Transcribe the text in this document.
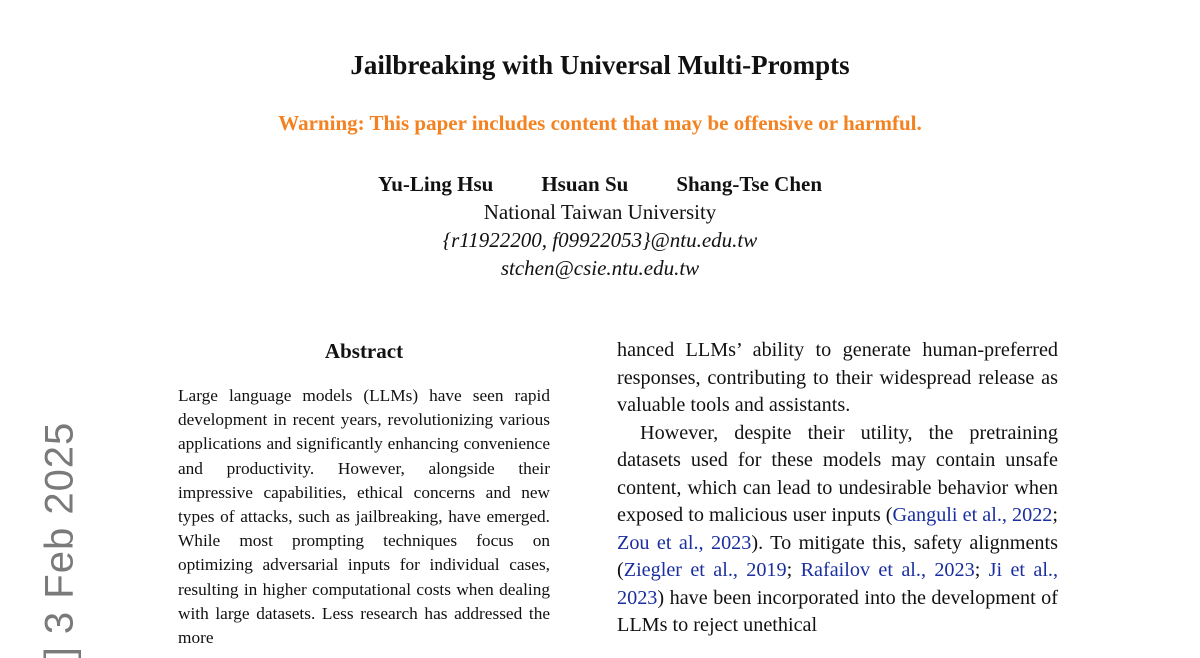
Jailbreaking with Universal Multi-Prompts
Warning: This paper includes content that may be offensive or harmful.
Yu-Ling Hsu Hsuan Su Shang-Tse Chen
National Taiwan University
{r11922200, f09922053}@ntu.edu.tw
stchen@csie.ntu.edu.tw
] 3 Feb 2025
Abstract
Large language models (LLMs) have seen rapid development in recent years, revolutionizing various applications and significantly enhancing convenience and productivity. However, alongside their impressive capabilities, ethical concerns and new types of attacks, such as jailbreaking, have emerged. While most prompting techniques focus on optimizing adversarial inputs for individual cases, resulting in higher computational costs when dealing with large datasets. Less research has addressed the more

hanced LLMs’ ability to generate human-preferred responses, contributing to their widespread release as valuable tools and assistants.

However, despite their utility, the pretraining datasets used for these models may contain unsafe content, which can lead to undesirable behavior when exposed to malicious user inputs (Ganguli et al., 2022; Zou et al., 2023). To mitigate this, safety alignments (Ziegler et al., 2019; Rafailov et al., 2023; Ji et al., 2023) have been incorporated into the development of LLMs to reject unethical
